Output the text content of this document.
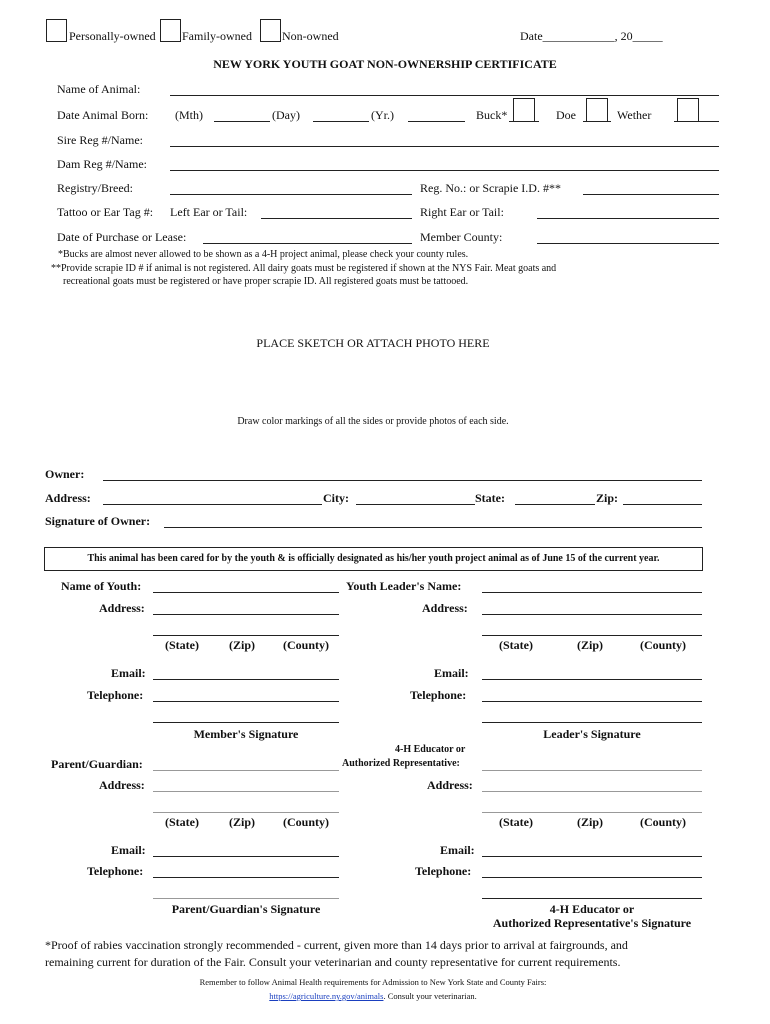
Personally-owned Family-owned	Non-owned	Date____________, 20_____
NEW YORK YOUTH GOAT NON-OWNERSHIP CERTIFICATE
Name of Animal:
Date Animal Born: (Mth)	(Day)	(Yr.)	Buck*	Doe	Wether
Sire Reg #/Name:
Dam Reg #/Name:
Registry/Breed:	Reg. No.: or Scrapie I.D. #**
Tattoo or Ear Tag #: Left Ear or Tail:	Right Ear or Tail:
Date of Purchase or Lease:	Member County:
*Bucks are almost never allowed to be shown as a 4-H project animal, please check your county rules.
**Provide scrapie ID # if animal is not registered. All dairy goats must be registered if shown at the NYS Fair. Meat goats and
recreational goats must be registered or have proper scrapie ID. All registered goats must be tattooed.
PLACE SKETCH OR ATTACH PHOTO HERE
Draw color markings of all the sides or provide photos of each side.
Owner:
Address:	City:	State:	Zip:
Signature of Owner:
This animal has been cared for by the youth & is officially designated as his/her youth project animal as of June 15 of the current year.
Name of Youth:
Address:
(State)	(Zip) (County)
Email:
Telephone:
Member's Signature
Youth Leader's Name:
Address:
(State)	(Zip)	(County)
Email:
Telephone:
Leader's Signature
Parent/Guardian:
Address:
(State)	(Zip) (County)
Email:
Telephone:
Parent/Guardian's Signature
4-H Educator or
Authorized Representative:
Address:
(State)	(Zip)	(County)
Email:
Telephone:
4-H Educator or
Authorized Representative's Signature
*Proof of rabies vaccination strongly recommended - current, given more than 14 days prior to arrival at fairgrounds, and
remaining current for duration of the Fair. Consult your veterinarian and county representative for current requirements.
Remember to follow Animal Health requirements for Admission to New York State and County Fairs:
https://agriculture.ny.gov/animals. Consult your veterinarian.
